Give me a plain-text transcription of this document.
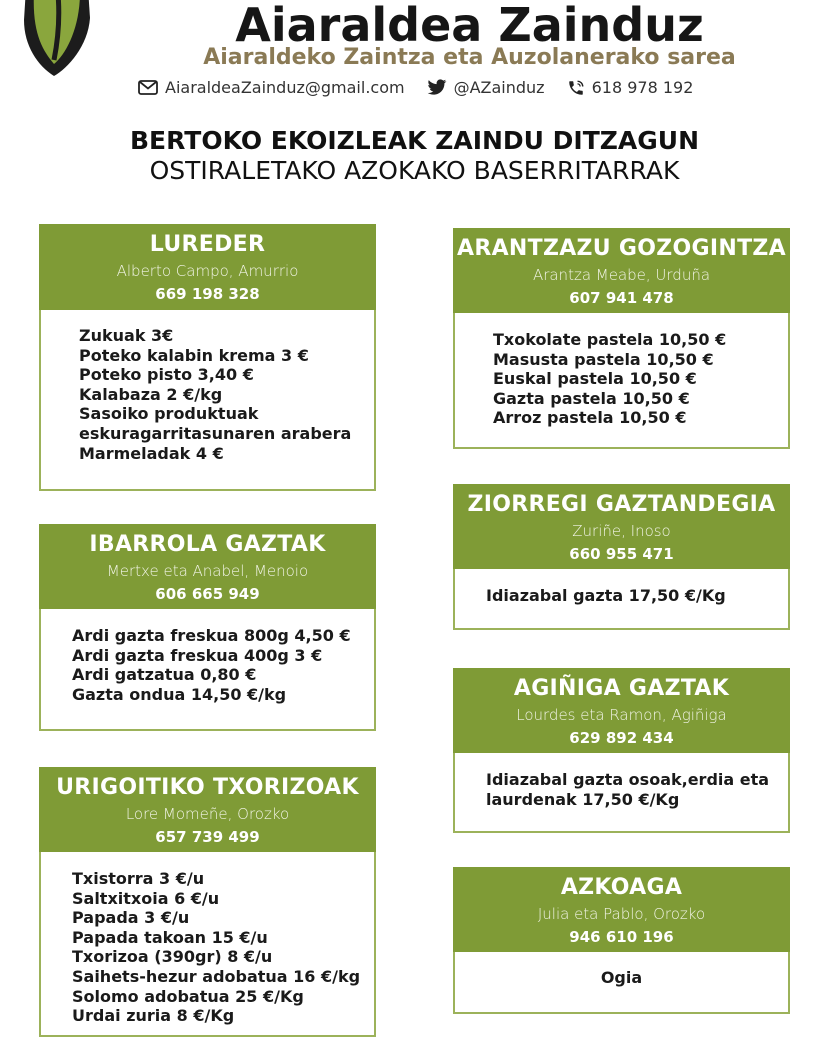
Aiaraldea Zainduz
Aiaraldeko Zaintza eta Auzolanerako sarea
AiaraldeaZainduz@gmail.com	@AZainduz	618 978 192
BERTOKO EKOIZLEAK ZAINDU DITZAGUN
OSTIRALETAKO AZOKAKO BASERRITARRAK
LUREDER
Alberto Campo, Amurrio
669 198 328
Zukuak 3€
Poteko kalabin krema 3 €
Poteko pisto 3,40 €
Kalabaza 2 €/kg
Sasoiko produktuak
eskuragarritasunaren arabera
Marmeladak 4 €
IBARROLA GAZTAK
Mertxe eta Anabel, Menoio
606 665 949
Ardi gazta freskua 800g 4,50 €
Ardi gazta freskua 400g 3 €
Ardi gatzatua 0,80 €
Gazta ondua 14,50 €/kg
URIGOITIKO TXORIZOAK
Lore Momeñe, Orozko
657 739 499
Txistorra 3 €/u
Saltxitxoia 6 €/u
Papada 3 €/u
Papada takoan 15 €/u
Txorizoa (390gr) 8 €/u
Saihets-hezur adobatua 16 €/kg
Solomo adobatua 25 €/Kg
Urdai zuria 8 €/Kg
ARANTZAZU GOZOGINTZA
Arantza Meabe, Urduña
607 941 478
Txokolate pastela 10,50 €
Masusta pastela 10,50 €
Euskal pastela 10,50 €
Gazta pastela 10,50 €
Arroz pastela 10,50 €
ZIORREGI GAZTANDEGIA
Zuriñe, Inoso
660 955 471
Idiazabal gazta 17,50 €/Kg
AGIÑIGA GAZTAK
Lourdes eta Ramon, Agiñiga
629 892 434
Idiazabal gazta osoak,erdia eta
laurdenak 17,50 €/Kg
AZKOAGA
Julia eta Pablo, Orozko
946 610 196
Ogia
